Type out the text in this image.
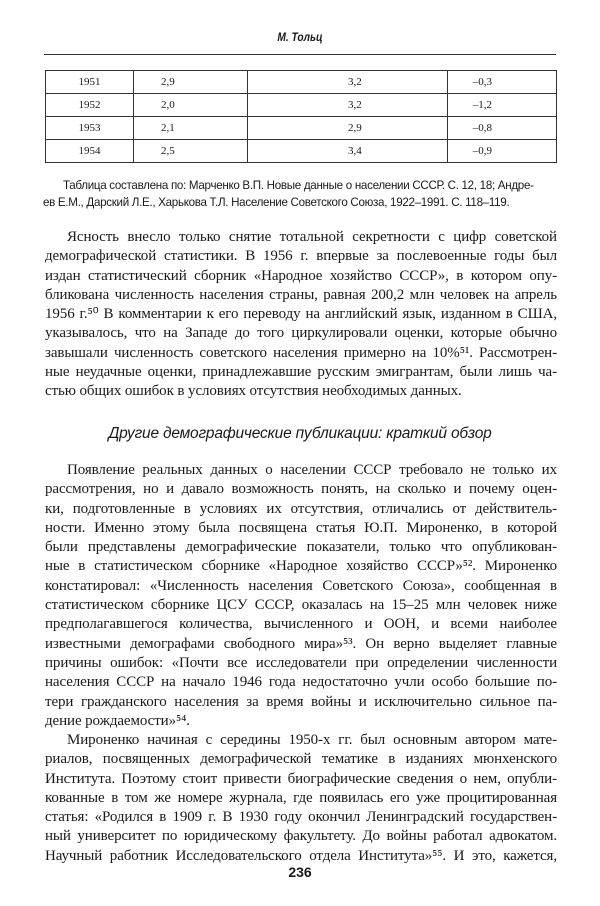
М. Тольц
1951	2,9	3,2	–0,3
1952	2,0	3,2	–1,2
1953	2,1	2,9	–0,8
1954	2,5	3,4	–0,9
Таблица составлена по: Марченко В.П. Новые данные о населении СССР. С. 12, 18; Андре-
ев Е.М., Дарский Л.Е., Харькова Т.Л. Население Советского Союза, 1922–1991. С. 118–119.
Ясность внесло только снятие тотальной секретности с цифр советской
демографической статистики. В 1956 г. впервые за послевоенные годы был
издан статистический сборник «Народное хозяйство СССР», в котором опу-
бликована численность населения страны, равная 200,2 млн человек на апрель
1956 г.⁵⁰ В комментарии к его переводу на английский язык, изданном в США,
указывалось, что на Западе до того циркулировали оценки, которые обычно
завышали численность советского населения примерно на 10%⁵¹. Рассмотрен-
ные неудачные оценки, принадлежавшие русским эмигрантам, были лишь ча-
стью общих ошибок в условиях отсутствия необходимых данных.
Другие демографические публикации: краткий обзор
Появление реальных данных о населении СССР требовало не только их
рассмотрения, но и давало возможность понять, на сколько и почему оцен-
ки, подготовленные в условиях их отсутствия, отличались от действитель-
ности. Именно этому была посвящена статья Ю.П. Мироненко, в которой
были представлены демографические показатели, только что опубликован-
ные в статистическом сборнике «Народное хозяйство СССР»⁵². Мироненко
констатировал: «Численность населения Советского Союза», сообщенная в
статистическом сборнике ЦСУ СССР, оказалась на 15–25 млн человек ниже
предполагавшегося количества, вычисленного и ООН, и всеми наиболее
известными демографами свободного мира»⁵³. Он верно выделяет главные
причины ошибок: «Почти все исследователи при определении численности
населения СССР на начало 1946 года недостаточно учли особо большие по-
тери гражданского населения за время войны и исключительно сильное па-
дение рождаемости»⁵⁴.
Мироненко начиная с середины 1950-х гг. был основным автором мате-
риалов, посвященных демографической тематике в изданиях мюнхенского
Института. Поэтому стоит привести биографические сведения о нем, опубли-
кованные в том же номере журнала, где появилась его уже процитированная
статья: «Родился в 1909 г. В 1930 году окончил Ленинградский государствен-
ный университет по юридическому факультету. До войны работал адвокатом.
Научный работник Исследовательского отдела Института»⁵⁵. И это, кажется,
236
